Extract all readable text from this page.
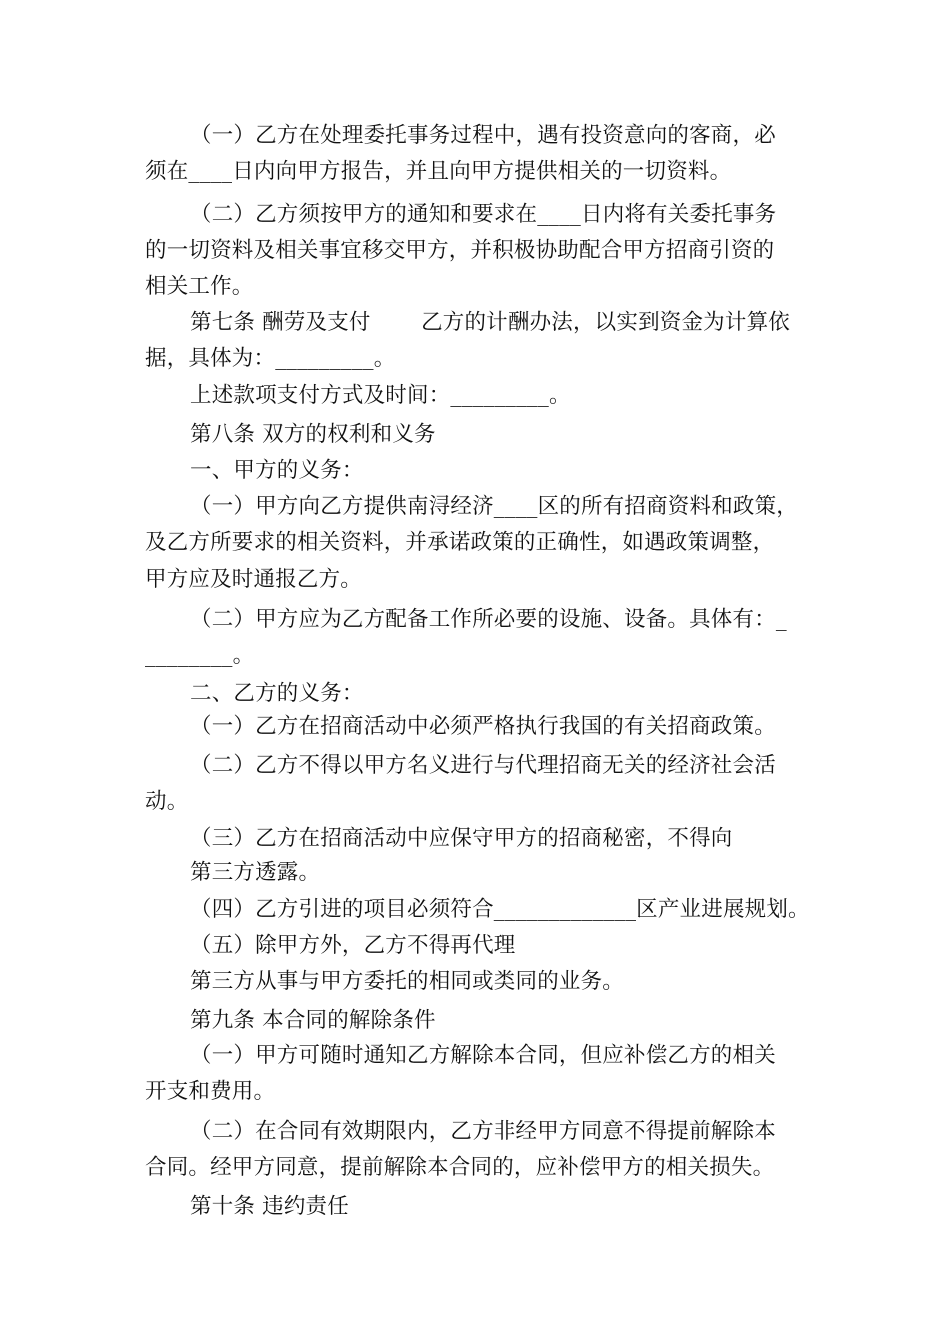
（一）乙方在处理委托事务过程中，遇有投资意向的客商，必
须在____日内向甲方报告，并且向甲方提供相关的一切资料。
（二）乙方须按甲方的通知和要求在____日内将有关委托事务
的一切资料及相关事宜移交甲方，并积极协助配合甲方招商引资的
相关工作。
第七条 酬劳及支付　　 乙方的计酬办法，以实到资金为计算依
据，具体为：_________。
上述款项支付方式及时间：_________。
第八条 双方的权利和义务
一、甲方的义务：
（一）甲方向乙方提供南浔经济____区的所有招商资料和政策，
及乙方所要求的相关资料，并承诺政策的正确性，如遇政策调整，
甲方应及时通报乙方。
（二）甲方应为乙方配备工作所必要的设施、设备。具体有：_
________。
二、乙方的义务：
（一）乙方在招商活动中必须严格执行我国的有关招商政策。
（二）乙方不得以甲方名义进行与代理招商无关的经济社会活
动。
（三）乙方在招商活动中应保守甲方的招商秘密，不得向
第三方透露。
（四）乙方引进的项目必须符合_____________区产业进展规划。
（五）除甲方外，乙方不得再代理
第三方从事与甲方委托的相同或类同的业务。
第九条 本合同的解除条件
（一）甲方可随时通知乙方解除本合同，但应补偿乙方的相关
开支和费用。
（二）在合同有效期限内，乙方非经甲方同意不得提前解除本
合同。经甲方同意，提前解除本合同的，应补偿甲方的相关损失。
第十条 违约责任
